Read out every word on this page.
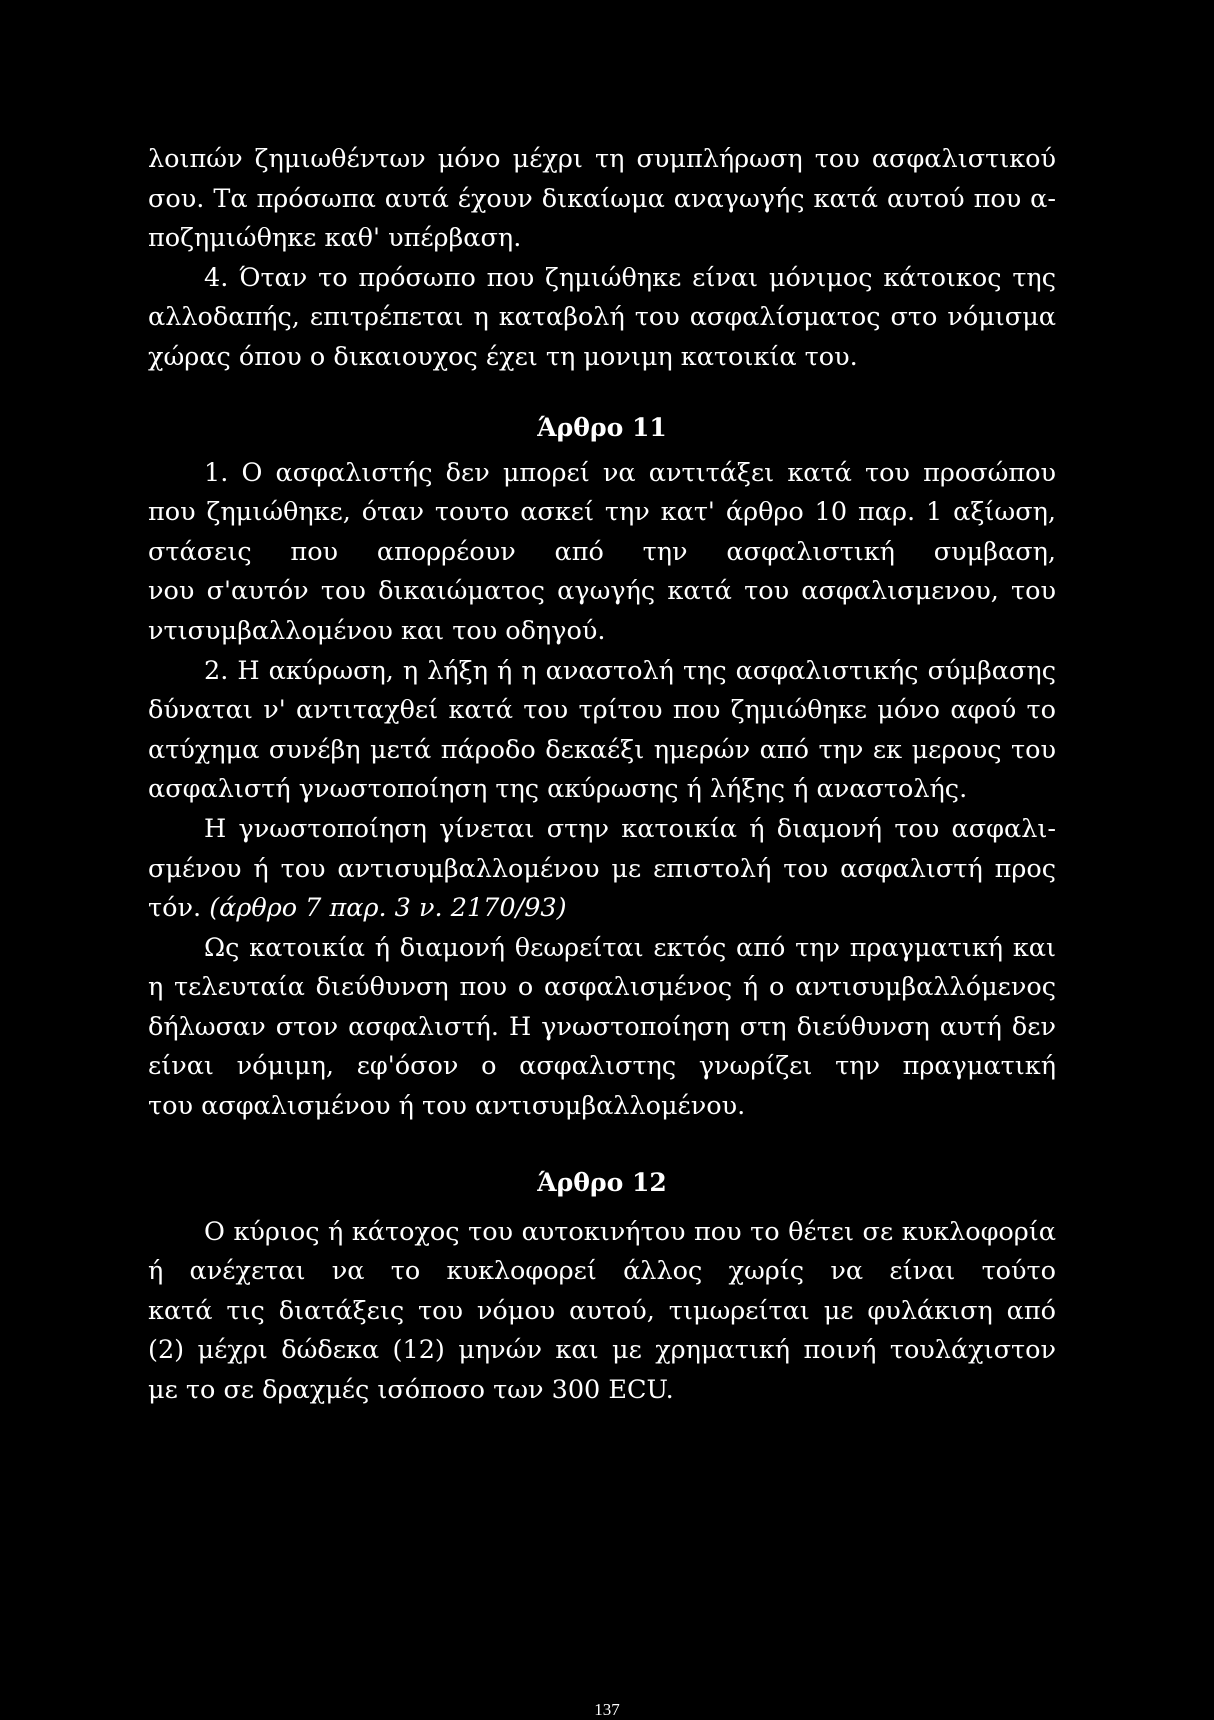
λοιπών ζημιωθέντων μόνο μέχρι τη συμπλήρωση του ασφαλιστικού
σου. Τα πρόσωπα αυτά έχουν δικαίωμα αναγωγής κατά αυτού που α-
ποζημιώθηκε καθ' υπέρβαση.
4. Όταν το πρόσωπο που ζημιώθηκε είναι μόνιμος κάτοικος της
αλλοδαπής, επιτρέπεται η καταβολή του ασφαλίσματος στο νόμισμα
χώρας όπου ο δικαιουχος έχει τη μονιμη κατοικία του.
Άρθρο 11
1. Ο ασφαλιστής δεν μπορεί να αντιτάξει κατά του προσώπου
που ζημιώθηκε, όταν τουτο ασκεί την κατ' άρθρο 10 παρ. 1 αξίωση,
στάσεις που απορρέουν από την ασφαλιστική συμβαση,
νου σ'αυτόν του δικαιώματος αγωγής κατά του ασφαλισμενου, του
ντισυμβαλλομένου και του οδηγού.
2. Η ακύρωση, η λήξη ή η αναστολή της ασφαλιστικής σύμβασης
δύναται ν' αντιταχθεί κατά του τρίτου που ζημιώθηκε μόνο αφού το
ατύχημα συνέβη μετά πάροδο δεκαέξι ημερών από την εκ μερους του
ασφαλιστή γνωστοποίηση της ακύρωσης ή λήξης ή αναστολής.
Η γνωστοποίηση γίνεται στην κατοικία ή διαμονή του ασφαλι-
σμένου ή του αντισυμβαλλομένου με επιστολή του ασφαλιστή προς
τόν. (άρθρο 7 παρ. 3 ν. 2170/93)
Ως κατοικία ή διαμονή θεωρείται εκτός από την πραγματική και
η τελευταία διεύθυνση που ο ασφαλισμένος ή ο αντισυμβαλλόμενος
δήλωσαν στον ασφαλιστή. Η γνωστοποίηση στη διεύθυνση αυτή δεν
είναι νόμιμη, εφ'όσον ο ασφαλιστης γνωρίζει την πραγματική
του ασφαλισμένου ή του αντισυμβαλλομένου.
Άρθρο 12
Ο κύριος ή κάτοχος του αυτοκινήτου που το θέτει σε κυκλοφορία
ή ανέχεται να το κυκλοφορεί άλλος χωρίς να είναι τούτο
κατά τις διατάξεις του νόμου αυτού, τιμωρείται με φυλάκιση από
(2) μέχρι δώδεκα (12) μηνών και με χρηματική ποινή τουλάχιστον
με το σε δραχμές ισόποσο των 300 ECU.
137
